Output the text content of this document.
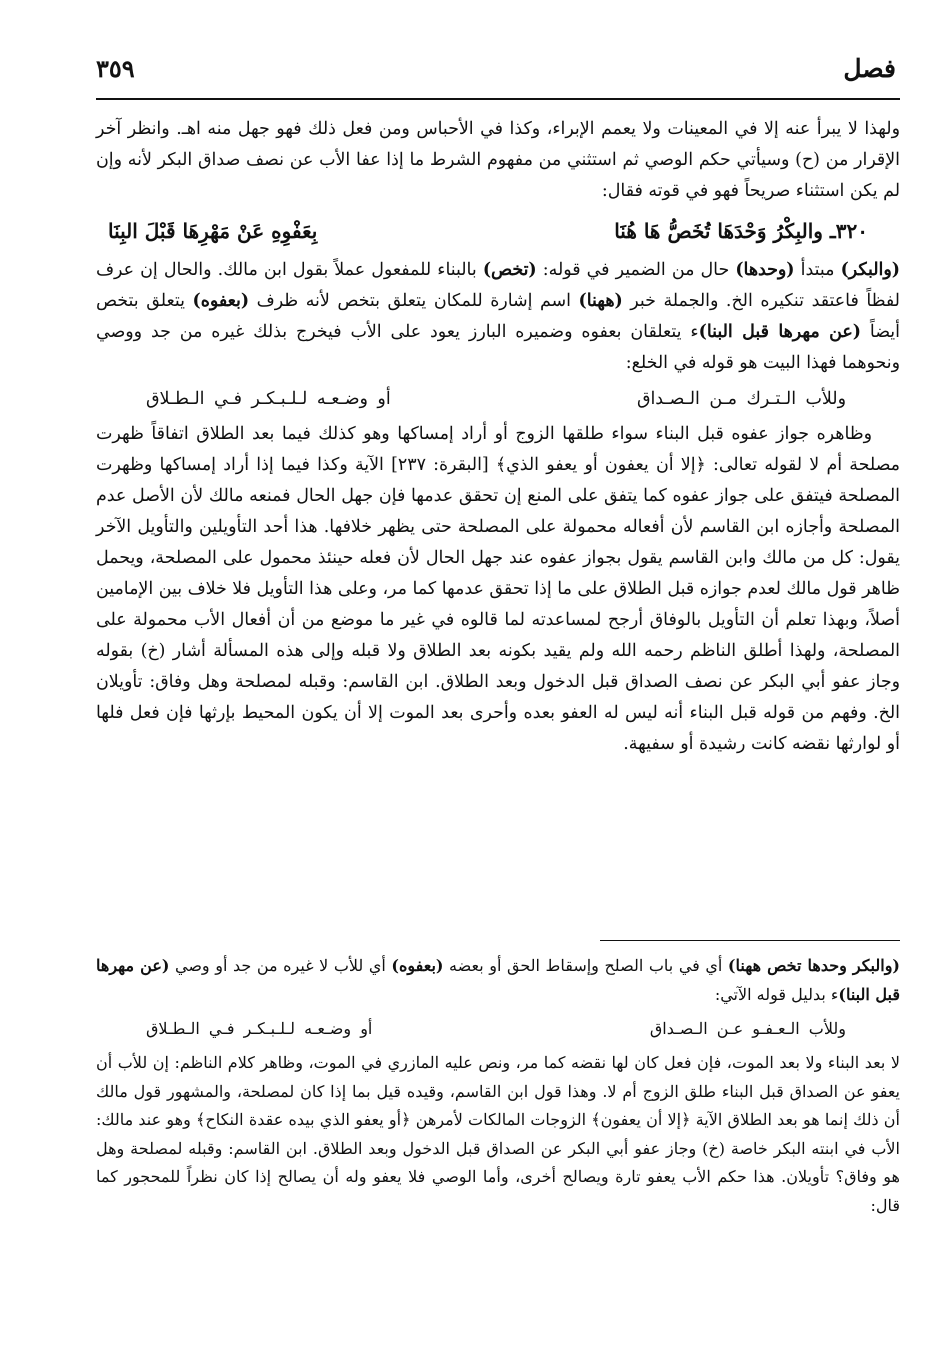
فصل
٣٥٩

ولهذا لا يبرأ عنه إلا في المعينات ولا يعمم الإبراء، وكذا في الأحباس ومن فعل ذلك فهو جهل منه اهـ. وانظر آخر الإقرار من (ح) وسيأتي حكم الوصي ثم استثني من مفهوم الشرط ما إذا عفا الأب عن نصف صداق البكر لأنه وإن لم يكن استثناء صريحاً فهو في قوته فقال:

٣٢٠ـ والبِكْرُ وَحْدَهَا تُخَصُّ هَا هُنَا
بِعَفْوِهِ عَنْ مَهْرِهَا قَبْلَ البِنَا

(والبكر) مبتدأ (وحدها) حال من الضمير في قوله: (تخص) بالبناء للمفعول عملاً بقول ابن مالك. والحال إن عرف لفظاً فاعتقد تنكيره الخ. والجملة خبر (ههنا) اسم إشارة للمكان يتعلق بتخص لأنه ظرف (بعفوه) يتعلق بتخص أيضاً (عن مهرها قبل البنا)ء يتعلقان بعفوه وضميره البارز يعود على الأب فيخرج بذلك غيره من جد ووصي ونحوهما فهذا البيت هو قوله في الخلع:

وللأب الـتـرك مـن الـصـداق
أو وضـعـه لـلـبـكـر فـي الـطـلاق

وظاهره جواز عفوه قبل البناء سواء طلقها الزوج أو أراد إمساكها وهو كذلك فيما بعد الطلاق اتفاقاً ظهرت مصلحة أم لا لقوله تعالى: ﴿إلا أن يعفون أو يعفو الذي﴾ [البقرة: ٢٣٧] الآية وكذا فيما إذا أراد إمساكها وظهرت المصلحة فيتفق على جواز عفوه كما يتفق على المنع إن تحقق عدمها فإن جهل الحال فمنعه مالك لأن الأصل عدم المصلحة وأجازه ابن القاسم لأن أفعاله محمولة على المصلحة حتى يظهر خلافها. هذا أحد التأويلين والتأويل الآخر يقول: كل من مالك وابن القاسم يقول بجواز عفوه عند جهل الحال لأن فعله حينئذ محمول على المصلحة، ويحمل ظاهر قول مالك لعدم جوازه قبل الطلاق على ما إذا تحقق عدمها كما مر، وعلى هذا التأويل فلا خلاف بين الإمامين أصلاً، وبهذا تعلم أن التأويل بالوفاق أرجح لمساعدته لما قالوه في غير ما موضع من أن أفعال الأب محمولة على المصلحة، ولهذا أطلق الناظم رحمه الله ولم يقيد بكونه بعد الطلاق ولا قبله وإلى هذه المسألة أشار (خ) بقوله وجاز عفو أبي البكر عن نصف الصداق قبل الدخول وبعد الطلاق. ابن القاسم: وقبله لمصلحة وهل وفاق: تأويلان الخ. وفهم من قوله قبل البناء أنه ليس له العفو بعده وأحرى بعد الموت إلا أن يكون المحيط بإرثها فإن فعل فلها أو لوارثها نقضه كانت رشيدة أو سفيهة.

(والبكر وحدها تخص ههنا) أي في باب الصلح وإسقاط الحق أو بعضه (بعفوه) أي للأب لا غيره من جد أو وصي (عن مهرها قبل البنا)ء بدليل قوله الآتي:

وللأب الـعـفـو عـن الـصـداق
أو وضـعـه لـلـبـكـر فـي الـطـلاق

لا بعد البناء ولا بعد الموت، فإن فعل كان لها نقضه كما مر، ونص عليه المازري في الموت، وظاهر كلام الناظم: إن للأب أن يعفو عن الصداق قبل البناء طلق الزوج أم لا. وهذا قول ابن القاسم، وقيده قيل بما إذا كان لمصلحة، والمشهور قول مالك أن ذلك إنما هو بعد الطلاق الآية ﴿إلا أن يعفون﴾ الزوجات المالكات لأمرهن ﴿أو يعفو الذي بيده عقدة النكاح﴾ وهو عند مالك: الأب في ابنته البكر خاصة (خ) وجاز عفو أبي البكر عن الصداق قبل الدخول وبعد الطلاق. ابن القاسم: وقبله لمصلحة وهل هو وفاق؟ تأويلان. هذا حكم الأب يعفو تارة ويصالح أخرى، وأما الوصي فلا يعفو وله أن يصالح إذا كان نظراً للمحجور كما قال:
